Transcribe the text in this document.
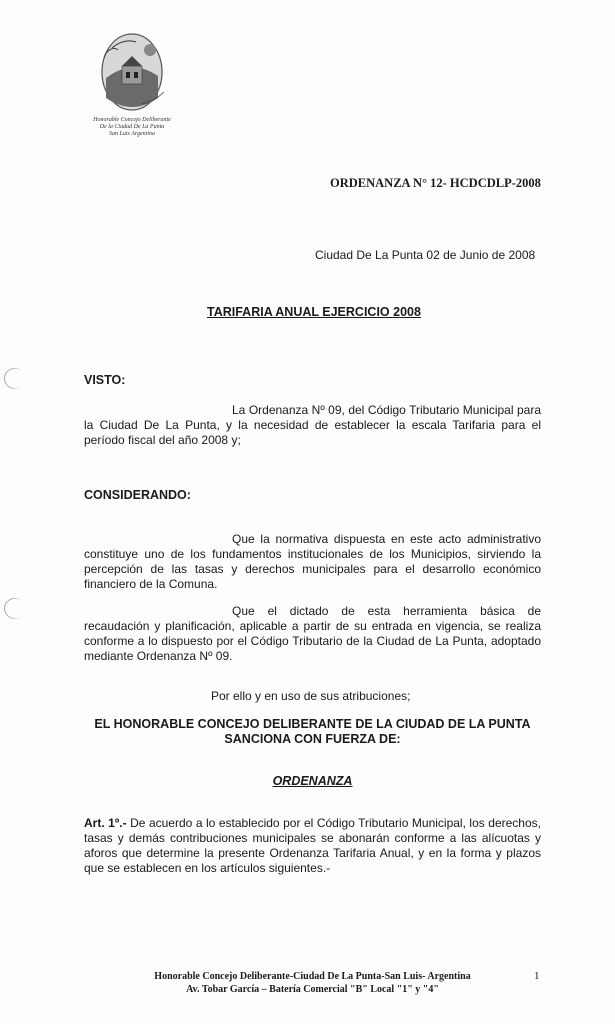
Honorable Concejo Deliberante
De la Ciudad De La Punta
San Luis Argentina
ORDENANZA N° 12- HCDCDLP-2008
Ciudad De La Punta 02 de Junio de 2008
TARIFARIA ANUAL EJERCICIO 2008
VISTO:
La Ordenanza Nº 09, del Código Tributario Municipal para la Ciudad De La Punta, y la necesidad de establecer la escala Tarifaria para el período fiscal del año 2008 y;
CONSIDERANDO:
Que la normativa dispuesta en este acto administrativo constituye uno de los fundamentos institucionales de los Municipios, sirviendo la percepción de las tasas y derechos municipales para el desarrollo económico financiero de la Comuna.
Que el dictado de esta herramienta básica de recaudación y planificación, aplicable a partir de su entrada en vigencia, se realiza conforme a lo dispuesto por el Código Tributario de la Ciudad de La Punta, adoptado mediante Ordenanza Nº 09.
Por ello y en uso de sus atribuciones;
EL HONORABLE CONCEJO DELIBERANTE DE LA CIUDAD DE LA PUNTA
SANCIONA CON FUERZA DE:
ORDENANZA
Art. 1º.- De acuerdo a lo establecido por el Código Tributario Municipal, los derechos, tasas y demás contribuciones municipales se abonarán conforme a las alícuotas y aforos que determine la presente Ordenanza Tarifaria Anual, y en la forma y plazos que se establecen en los artículos siguientes.-
Honorable Concejo Deliberante-Ciudad De La Punta-San Luis- Argentina
Av. Tobar García – Batería Comercial "B" Local "1" y "4"
1
